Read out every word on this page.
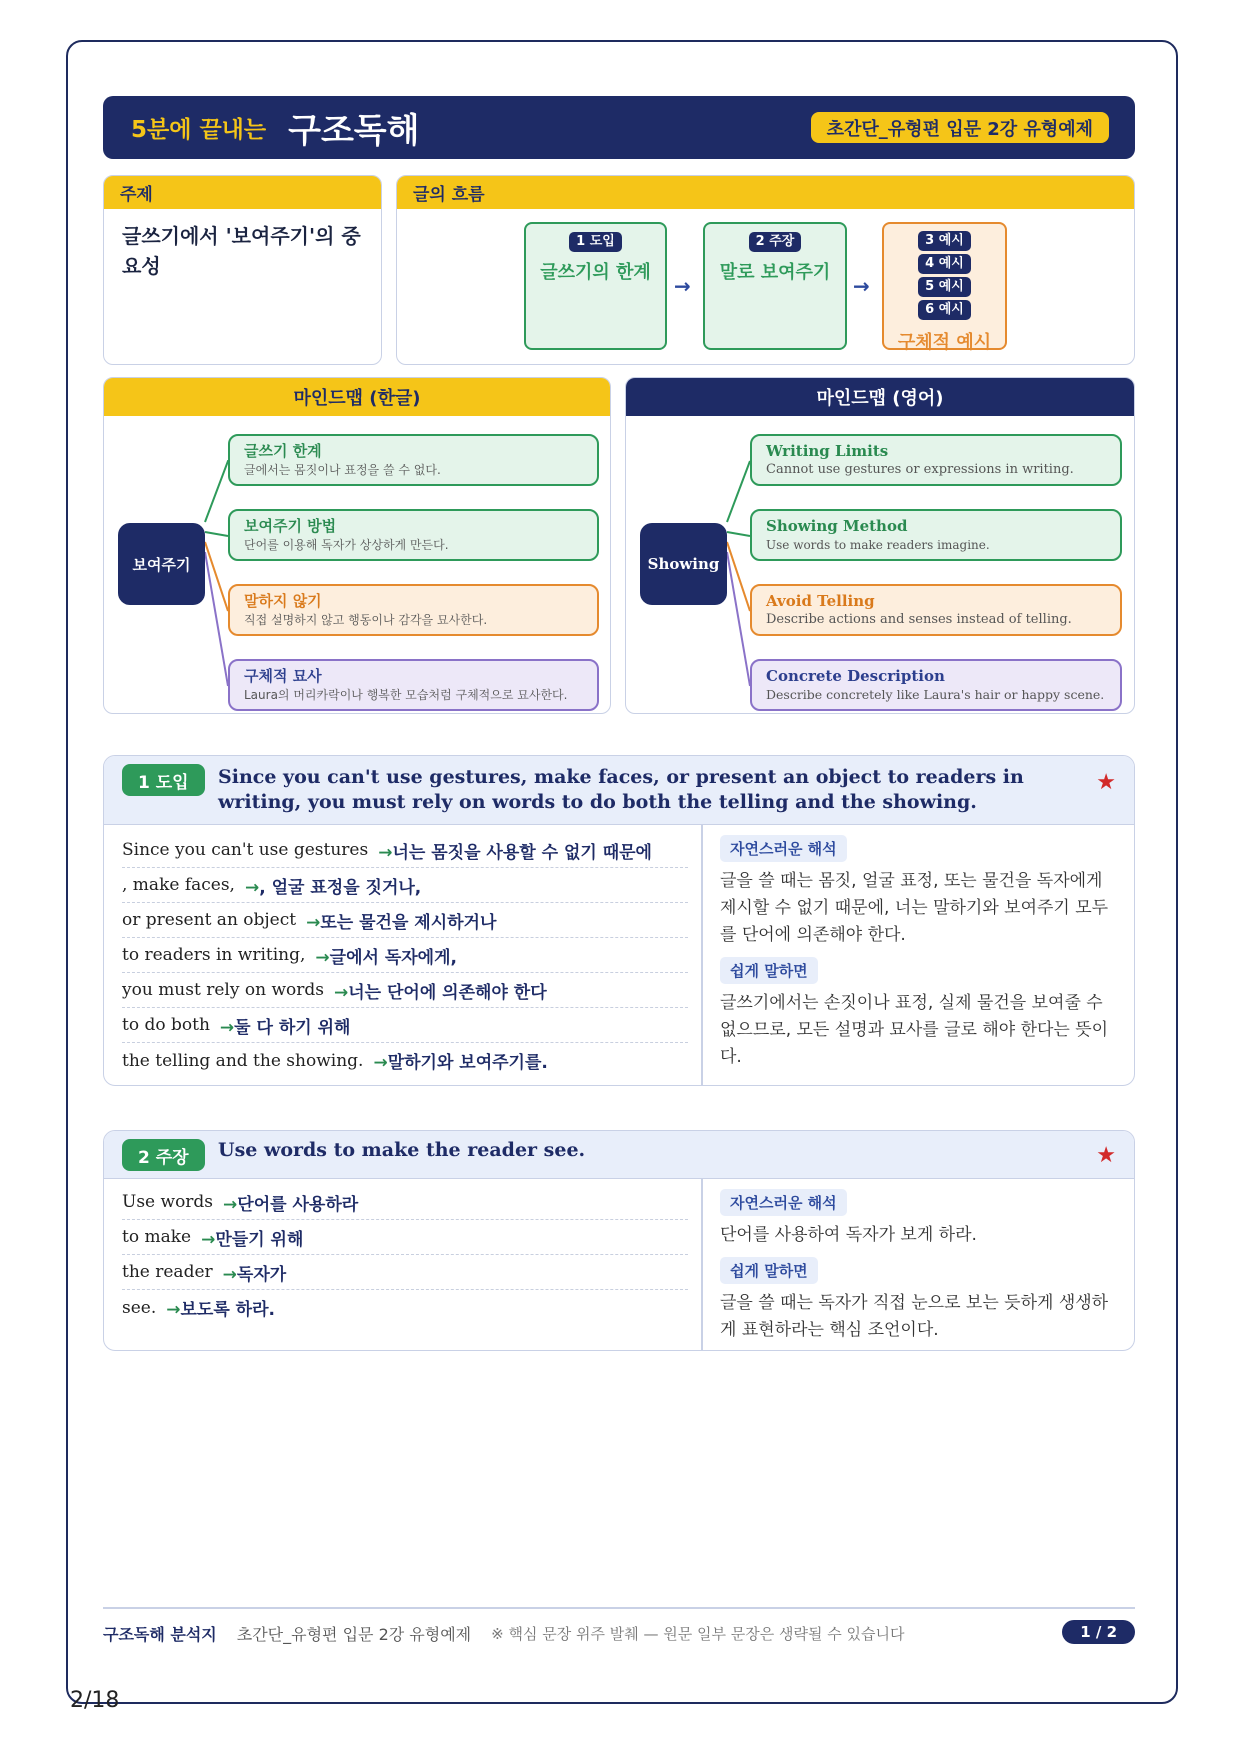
5분에 끝내는 구조독해	초간단_유형편 입문 2강 유형예제
주제
글쓰기에서 '보여주기'의 중요성
글의 흐름
1 도입
글쓰기의 한계
→
2 주장
말로 보여주기
→
3 예시
4 예시
5 예시
6 예시
구체적 예시
마인드맵 (한글)
보여주기
글쓰기 한계
글에서는 몸짓이나 표정을 쓸 수 없다.
보여주기 방법
단어를 이용해 독자가 상상하게 만든다.
말하지 않기
직접 설명하지 않고 행동이나 감각을 묘사한다.
구체적 묘사
Laura의 머리카락이나 행복한 모습처럼 구체적으로 묘사한다.
마인드맵 (영어)
Showing
Writing Limits
Cannot use gestures or expressions in writing.
Showing Method
Use words to make readers imagine.
Avoid Telling
Describe actions and senses instead of telling.
Concrete Description
Describe concretely like Laura's hair or happy scene.
1 도입	Since you can't use gestures, make faces, or present an object to readers in writing, you must rely on words to do both the telling and the showing.
★
Since you can't use gestures →너는 몸짓을 사용할 수 없기 때문에
, make faces, →, 얼굴 표정을 짓거나,
or present an object →또는 물건을 제시하거나
to readers in writing, →글에서 독자에게,
you must rely on words →너는 단어에 의존해야 한다
to do both →둘 다 하기 위해
the telling and the showing. →말하기와 보여주기를.
자연스러운 해석
글을 쓸 때는 몸짓, 얼굴 표정, 또는 물건을 독자에게 제시할 수 없기 때문에, 너는 말하기와 보여주기 모두를 단어에 의존해야 한다.
쉽게 말하면
글쓰기에서는 손짓이나 표정, 실제 물건을 보여줄 수 없으므로, 모든 설명과 묘사를 글로 해야 한다는 뜻이다.
2 주장	Use words to make the reader see.	★
Use words →단어를 사용하라
to make →만들기 위해
the reader →독자가
see. →보도록 하라.
자연스러운 해석
단어를 사용하여 독자가 보게 하라.
쉽게 말하면
글을 쓸 때는 독자가 직접 눈으로 보는 듯하게 생생하게 표현하라는 핵심 조언이다.
구조독해 분석지 초간단_유형편 입문 2강 유형예제 ※ 핵심 문장 위주 발췌 — 원문 일부 문장은 생략될 수 있습니다	1 / 2
2/18
